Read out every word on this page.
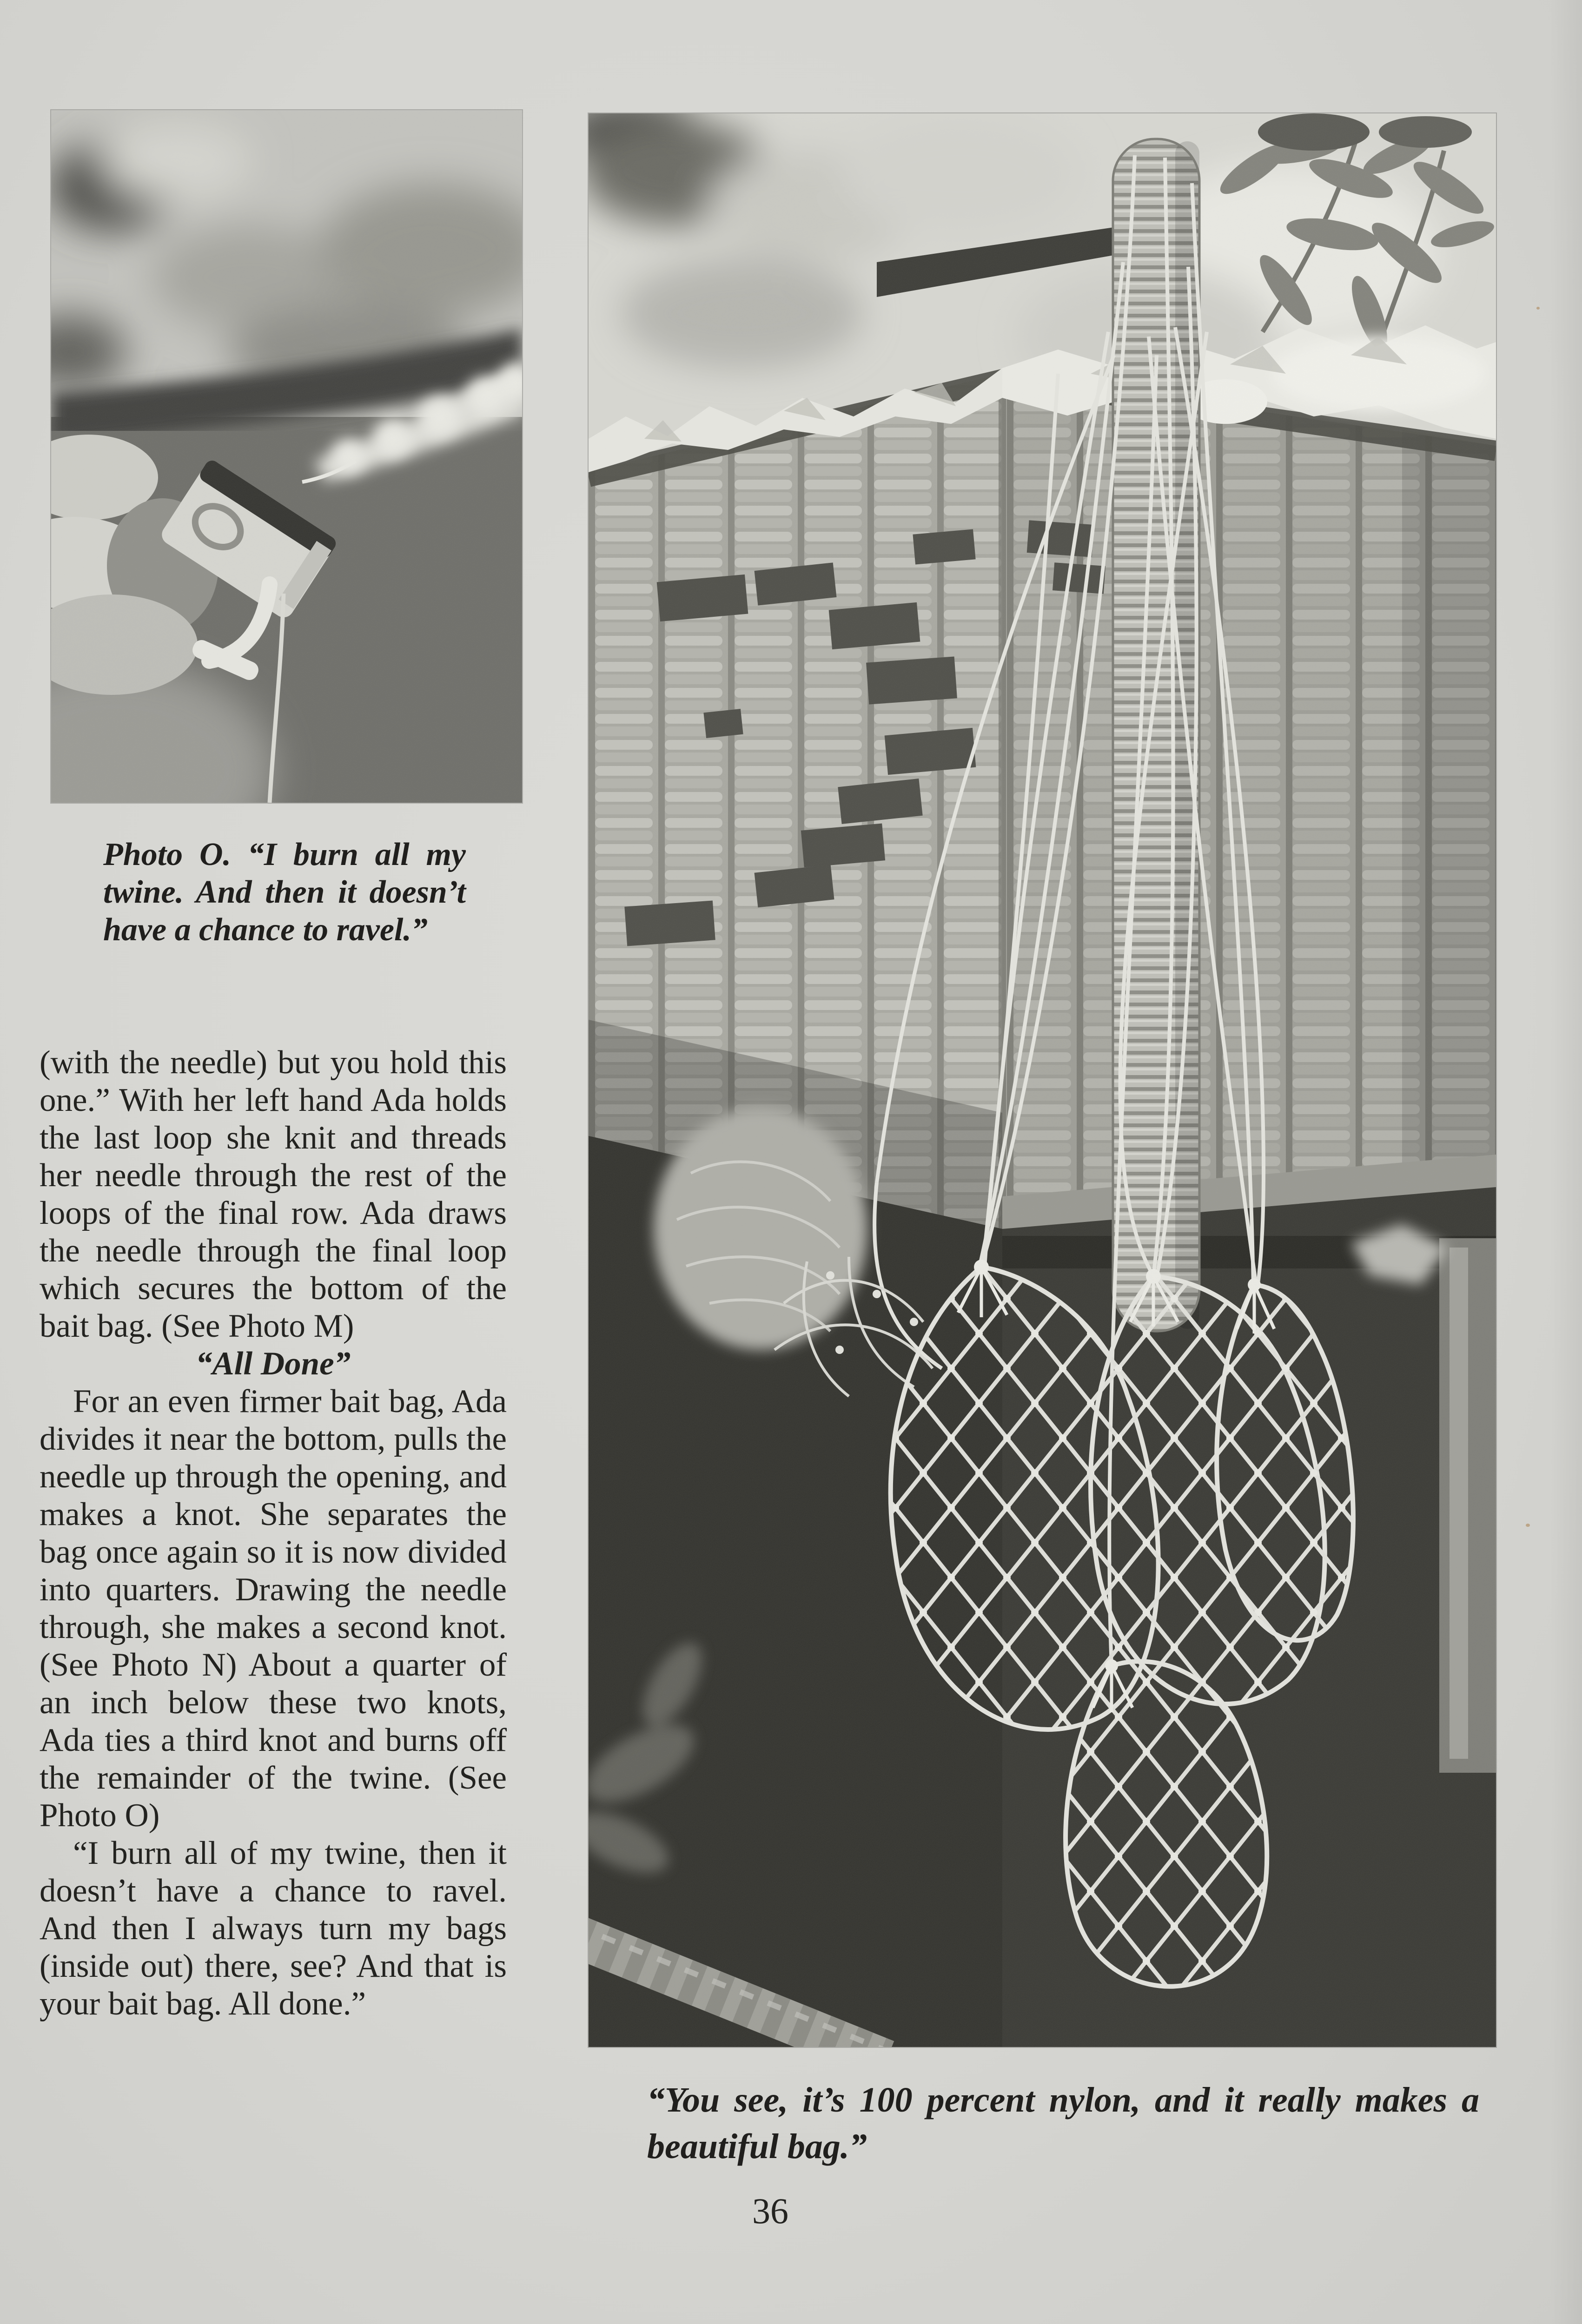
Photo O. “I burn all my twine. And then it doesn’t have a chance to ravel.”

(with the needle) but you hold this one.” With her left hand Ada holds the last loop she knit and threads her needle through the rest of the loops of the final row. Ada draws the needle through the final loop which secures the bottom of the bait bag. (See Photo M)

“All Done”

For an even firmer bait bag, Ada divides it near the bottom, pulls the needle up through the opening, and makes a knot. She separates the bag once again so it is now divided into quarters. Drawing the needle through, she makes a second knot. (See Photo N) About a quarter of an inch below these two knots, Ada ties a third knot and burns off the remainder of the twine. (See Photo O)

“I burn all of my twine, then it doesn’t have a chance to ravel. And then I always turn my bags (inside out) there, see? And that is your bait bag. All done.”

“You see, it’s 100 percent nylon, and it really makes a beautiful bag.”

36
